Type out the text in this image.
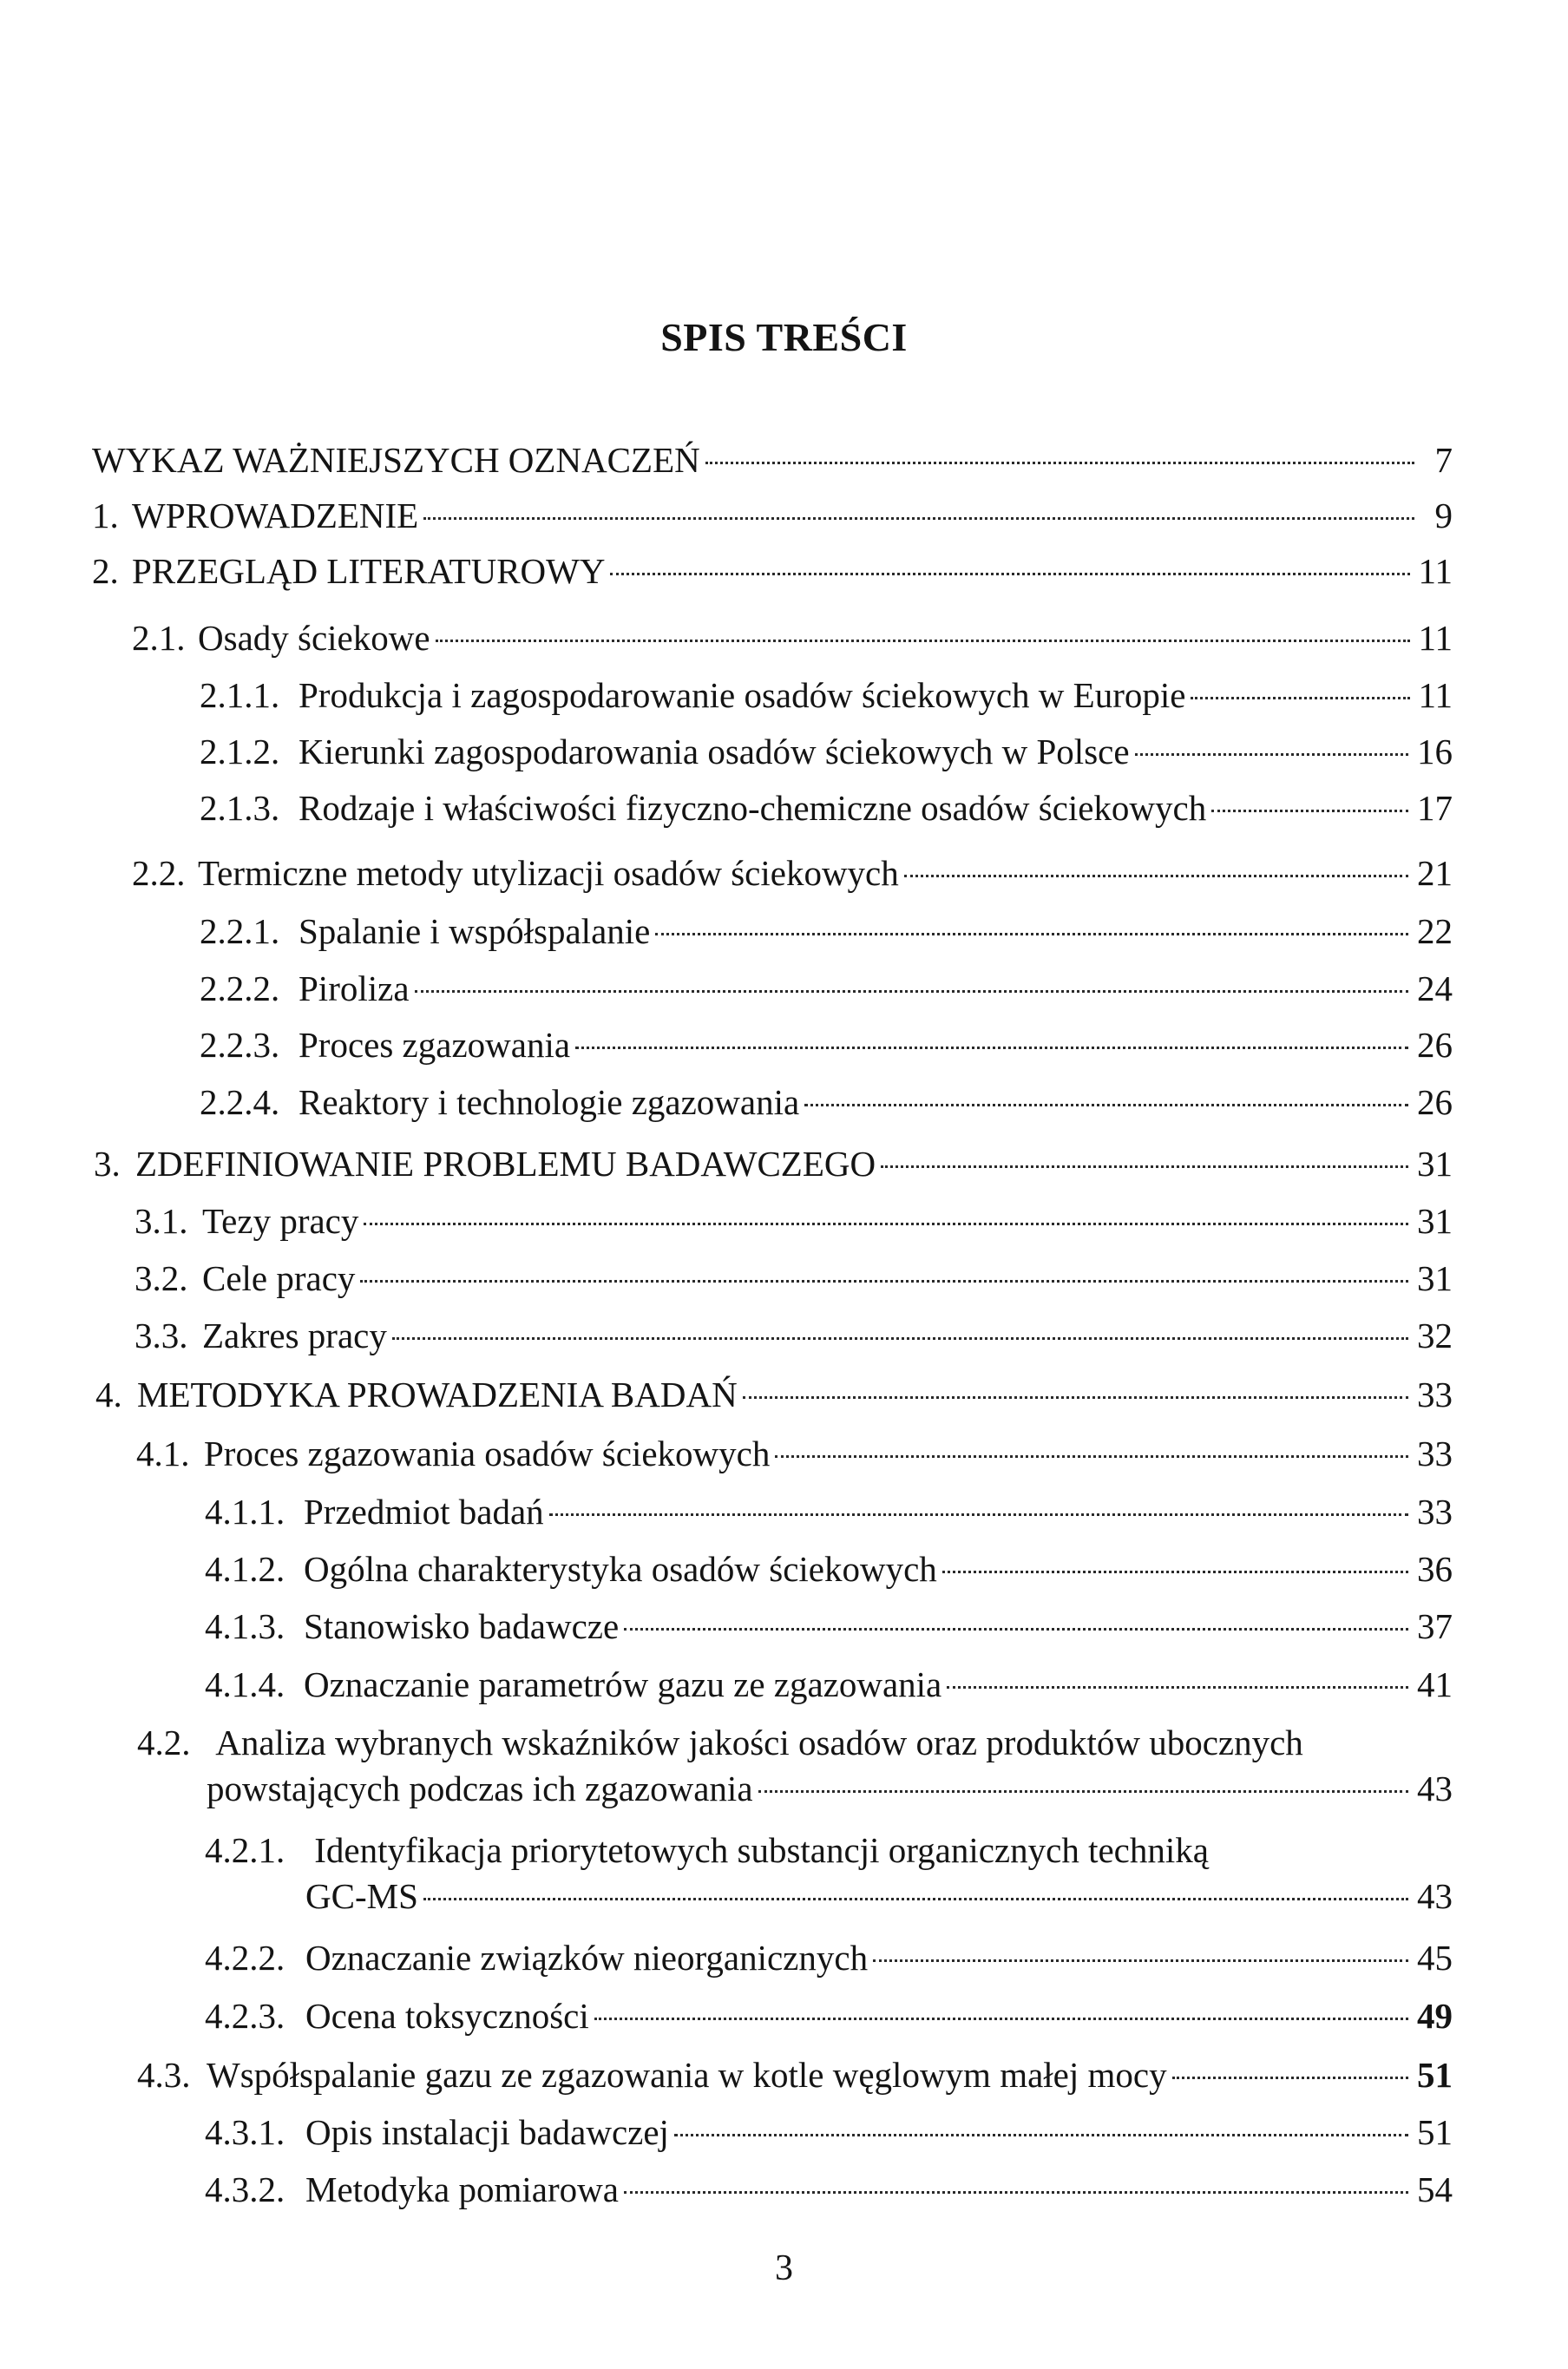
SPIS TREŚCI
WYKAZ WAŻNIEJSZYCH OZNACZEŃ	7
1. WPROWADZENIE	9
2. PRZEGLĄD LITERATUROWY	11
2.1. Osady ściekowe	11
2.1.1. Produkcja i zagospodarowanie osadów ściekowych w Europie	11
2.1.2. Kierunki zagospodarowania osadów ściekowych w Polsce	16
2.1.3. Rodzaje i właściwości fizyczno-chemiczne osadów ściekowych	17
2.2. Termiczne metody utylizacji osadów ściekowych	21
2.2.1. Spalanie i współspalanie	22
2.2.2. Piroliza	24
2.2.3. Proces zgazowania	26
2.2.4. Reaktory i technologie zgazowania	26
3. ZDEFINIOWANIE PROBLEMU BADAWCZEGO	31
3.1. Tezy pracy	31
3.2. Cele pracy	31
3.3. Zakres pracy	32
4. METODYKA PROWADZENIA BADAŃ	33
4.1. Proces zgazowania osadów ściekowych	33
4.1.1. Przedmiot badań	33
4.1.2. Ogólna charakterystyka osadów ściekowych	36
4.1.3. Stanowisko badawcze	37
4.1.4. Oznaczanie parametrów gazu ze zgazowania	41
4.2. Analiza wybranych wskaźników jakości osadów oraz produktów ubocznych
powstających podczas ich zgazowania	43
4.2.1. Identyfikacja priorytetowych substancji organicznych techniką
GC-MS	43
4.2.2. Oznaczanie związków nieorganicznych	45
4.2.3. Ocena toksyczności	49
4.3. Współspalanie gazu ze zgazowania w kotle węglowym małej mocy	51
4.3.1. Opis instalacji badawczej	51
4.3.2. Metodyka pomiarowa	54
3
